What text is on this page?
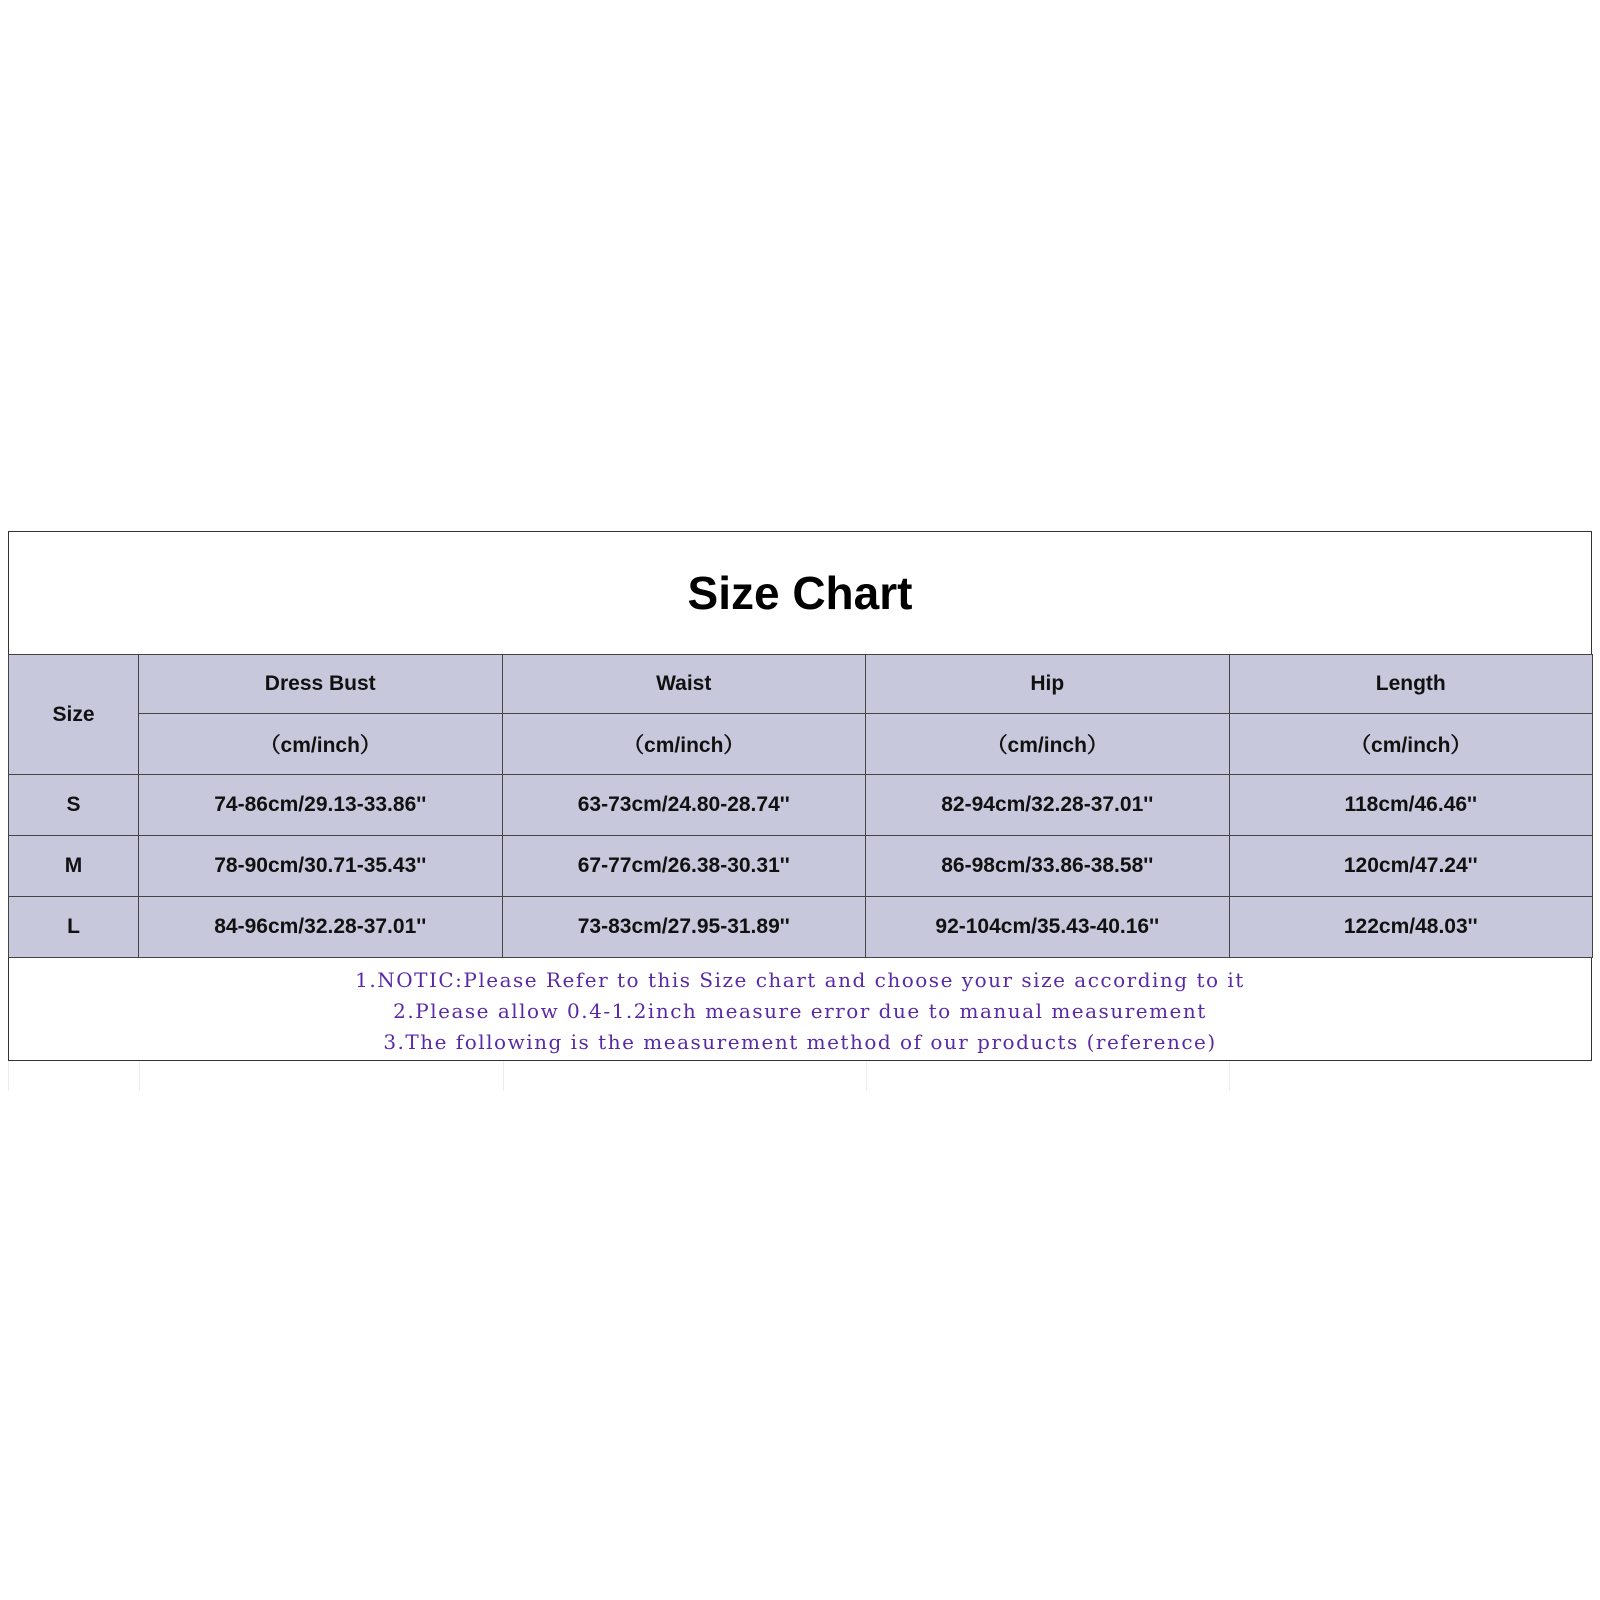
Size Chart
Size	Dress Bust	Waist	Hip	Length
	（cm/inch）	（cm/inch）	（cm/inch）	（cm/inch）
S	74-86cm/29.13-33.86''	63-73cm/24.80-28.74''	82-94cm/32.28-37.01''	118cm/46.46''
M	78-90cm/30.71-35.43''	67-77cm/26.38-30.31''	86-98cm/33.86-38.58''	120cm/47.24''
L	84-96cm/32.28-37.01''	73-83cm/27.95-31.89''	92-104cm/35.43-40.16''	122cm/48.03''
1.NOTIC:Please Refer to this Size chart and choose your size according to it
2.Please allow 0.4-1.2inch measure error due to manual measurement
3.The following is the measurement method of our products (reference)
